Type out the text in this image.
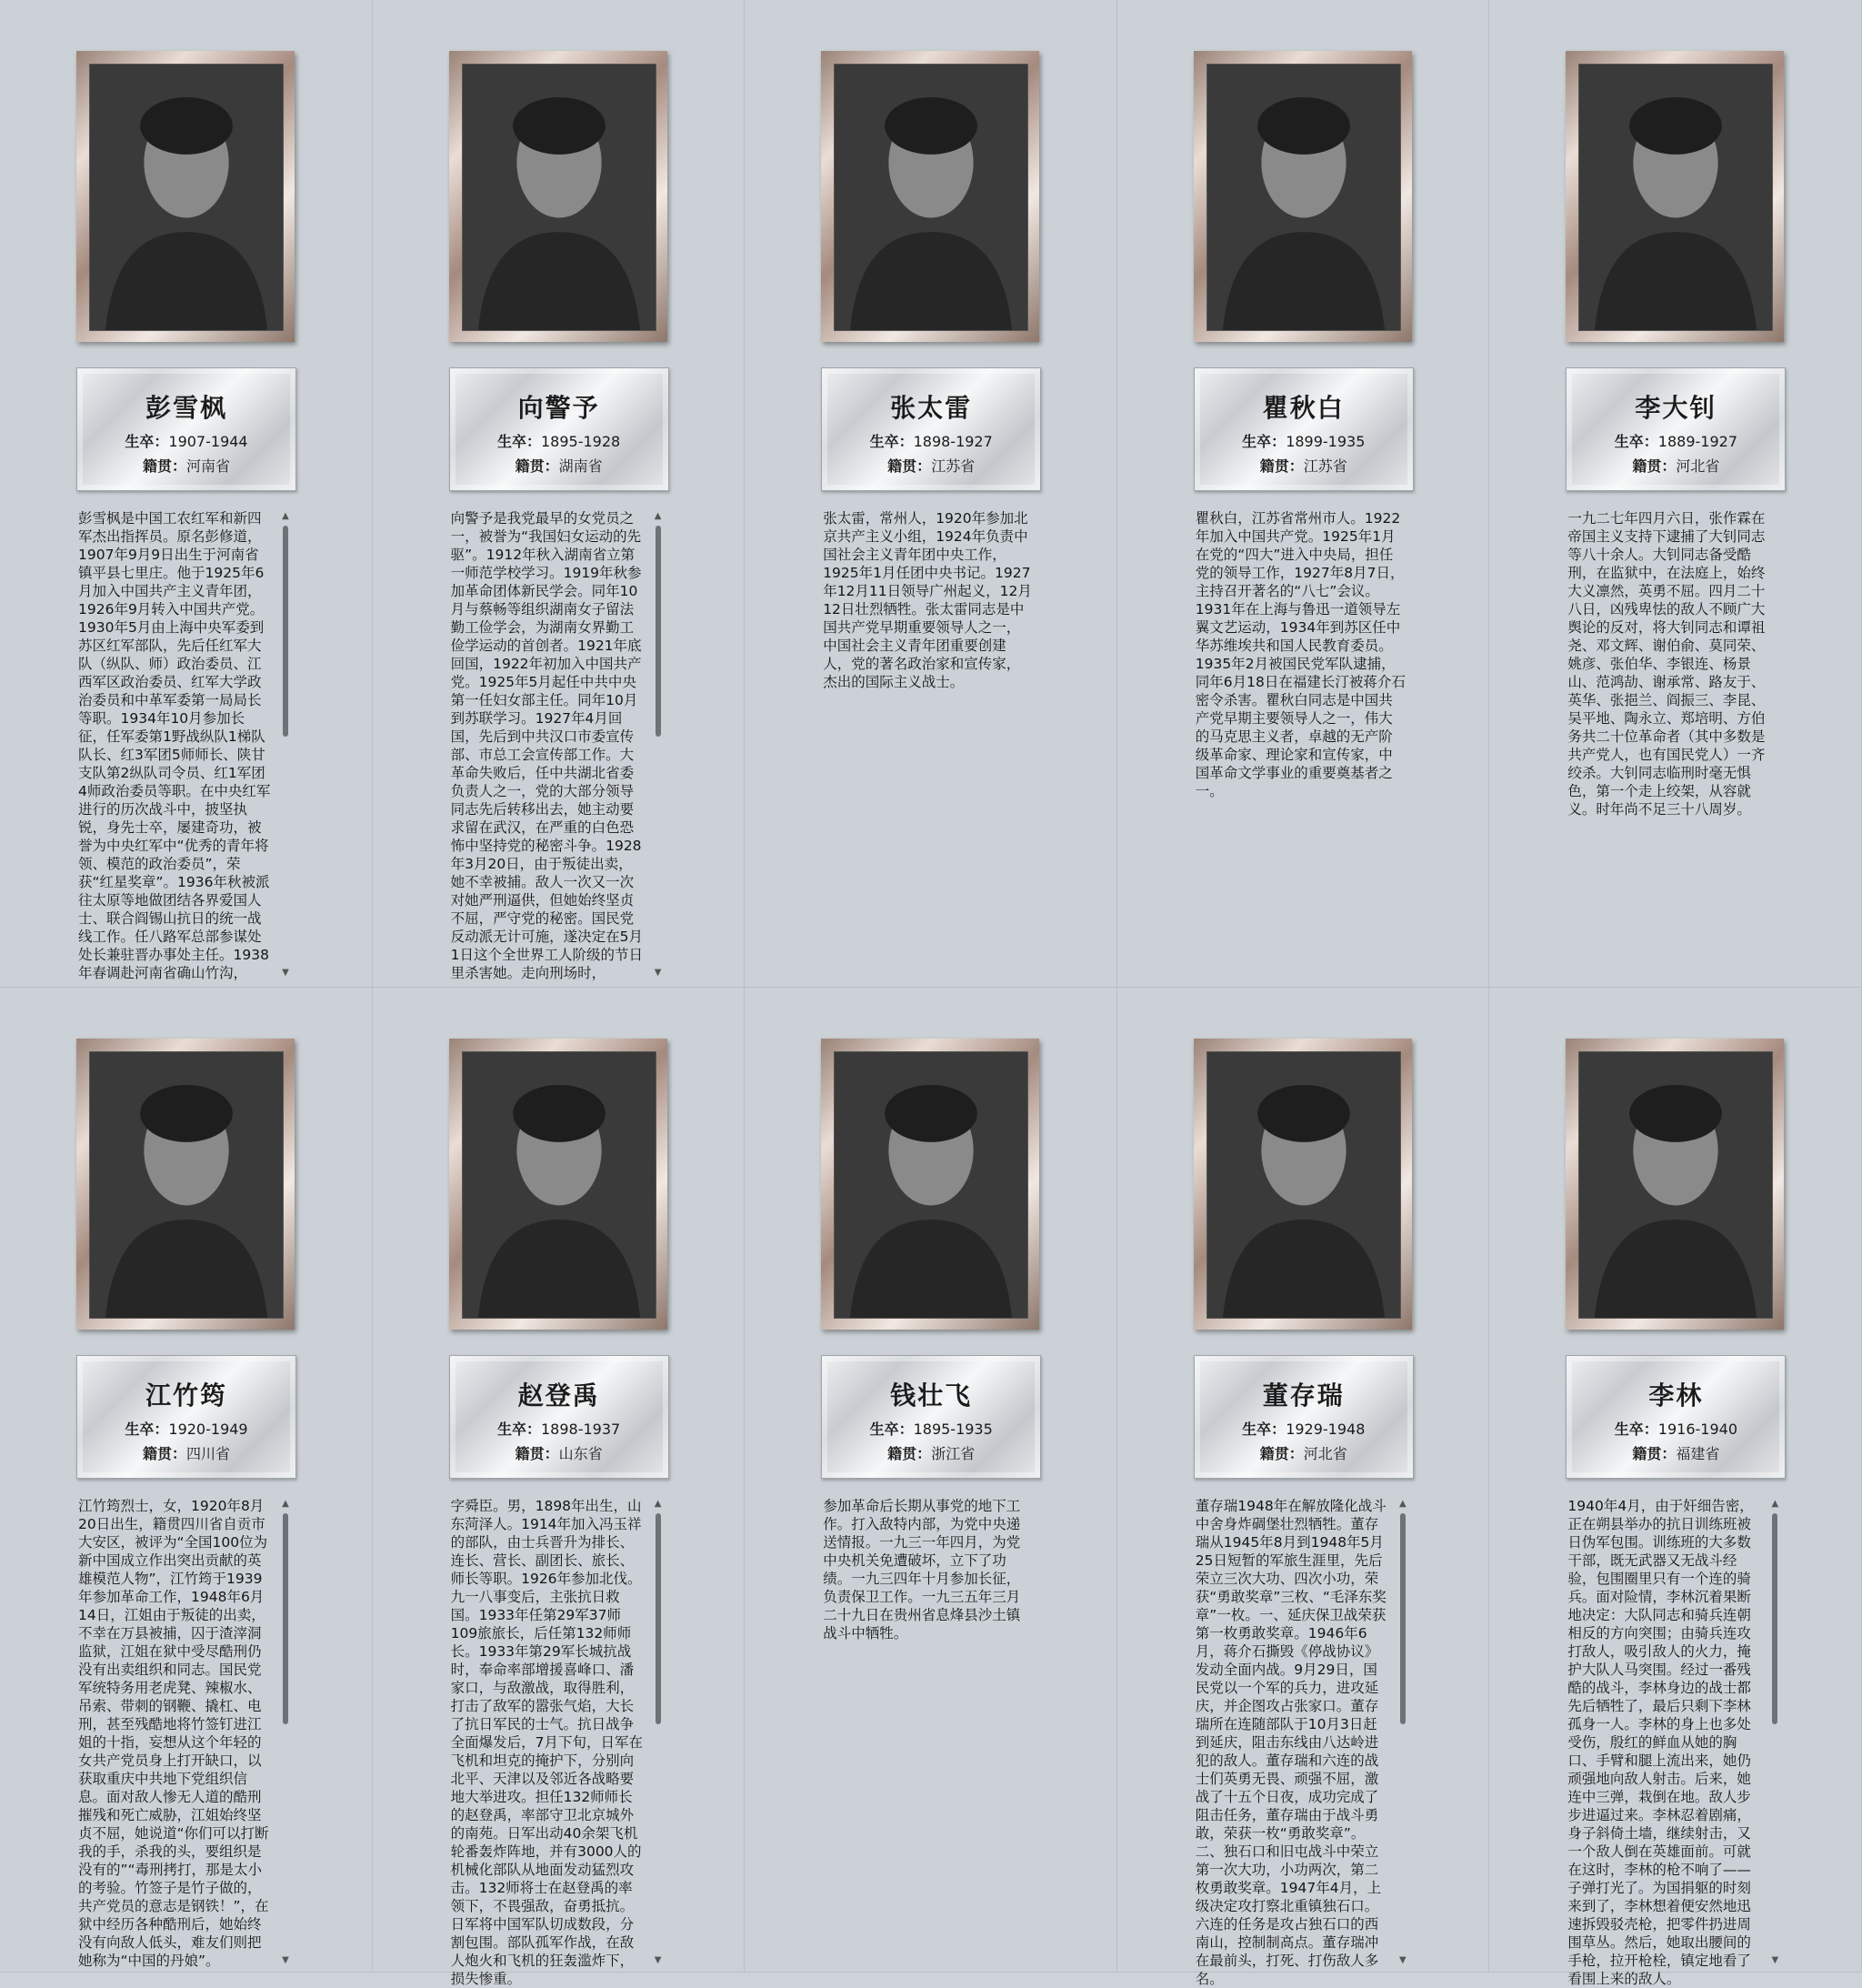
彭雪枫
生卒：1907-1944
籍贯：河南省
彭雪枫是中国工农红军和新四军杰出指挥员。原名彭修道，1907年9月9日出生于河南省镇平县七里庄。他于1925年6月加入中国共产主义青年团，1926年9月转入中国共产党。1930年5月由上海中央军委到苏区红军部队，先后任红军大队（纵队、师）政治委员、江西军区政治委员、红军大学政治委员和中革军委第一局局长等职。1934年10月参加长征，任军委第1野战纵队1梯队队长、红3军团5师师长、陕甘支队第2纵队司令员、红1军团4师政治委员等职。在中央红军进行的历次战斗中，披坚执锐，身先士卒，屡建奇功，被誉为中央红军中“优秀的青年将领、模范的政治委员”，荣获“红星奖章”。1936年秋被派往太原等地做团结各界爱国人士、联合阎锡山抗日的统一战线工作。任八路军总部参谋处处长兼驻晋办事处主任。1938年春调赴河南省确山竹沟，
▲
▼
向警予
生卒：1895-1928
籍贯：湖南省
向警予是我党最早的女党员之一，被誉为“我国妇女运动的先驱”。1912年秋入湖南省立第一师范学校学习。1919年秋参加革命团体新民学会。同年10月与蔡畅等组织湖南女子留法勤工俭学会，为湖南女界勤工俭学运动的首创者。1921年底回国，1922年初加入中国共产党。1925年5月起任中共中央第一任妇女部主任。同年10月到苏联学习。1927年4月回国，先后到中共汉口市委宣传部、市总工会宣传部工作。大革命失败后，任中共湖北省委负责人之一，党的大部分领导同志先后转移出去，她主动要求留在武汉，在严重的白色恐怖中坚持党的秘密斗争。1928年3月20日，由于叛徒出卖，她不幸被捕。敌人一次又一次对她严刑逼供，但她始终坚贞不屈，严守党的秘密。国民党反动派无计可施，遂决定在5月1日这个全世界工人阶级的节日里杀害她。走向刑场时，
▲
▼
张太雷
生卒：1898-1927
籍贯：江苏省
张太雷，常州人，1920年参加北京共产主义小组，1924年负责中国社会主义青年团中央工作，1925年1月任团中央书记。1927年12月11日领导广州起义，12月12日壮烈牺牲。张太雷同志是中国共产党早期重要领导人之一，中国社会主义青年团重要创建人，党的著名政治家和宣传家，杰出的国际主义战士。
瞿秋白
生卒：1899-1935
籍贯：江苏省
瞿秋白，江苏省常州市人。1922年加入中国共产党。1925年1月在党的“四大”进入中央局，担任党的领导工作，1927年8月7日，主持召开著名的“八七”会议。1931年在上海与鲁迅一道领导左翼文艺运动，1934年到苏区任中华苏维埃共和国人民教育委员。1935年2月被国民党军队逮捕，同年6月18日在福建长汀被蒋介石密令杀害。瞿秋白同志是中国共产党早期主要领导人之一，伟大的马克思主义者，卓越的无产阶级革命家、理论家和宣传家，中国革命文学事业的重要奠基者之一。
李大钊
生卒：1889-1927
籍贯：河北省
一九二七年四月六日，张作霖在帝国主义支持下逮捕了大钊同志等八十余人。大钊同志备受酷刑，在监狱中，在法庭上，始终大义凛然，英勇不屈。四月二十八日，凶残卑怯的敌人不顾广大舆论的反对，将大钊同志和谭祖尧、邓文辉、谢伯俞、莫同荣、姚彦、张伯华、李银连、杨景山、范鸿劼、谢承常、路友于、英华、张挹兰、阎振三、李昆、吴平地、陶永立、郑培明、方伯务共二十位革命者（其中多数是共产党人，也有国民党人）一齐绞杀。大钊同志临刑时毫无惧色，第一个走上绞架，从容就义。时年尚不足三十八周岁。
江竹筠
生卒：1920-1949
籍贯：四川省
江竹筠烈士，女，1920年8月20日出生，籍贯四川省自贡市大安区，被评为“全国100位为新中国成立作出突出贡献的英雄模范人物”，江竹筠于1939年参加革命工作，1948年6月14日，江姐由于叛徒的出卖，不幸在万县被捕，囚于渣滓洞监狱，江姐在狱中受尽酷刑仍没有出卖组织和同志。国民党军统特务用老虎凳、辣椒水、吊索、带刺的钢鞭、撬杠、电刑，甚至残酷地将竹签钉进江姐的十指，妄想从这个年轻的女共产党员身上打开缺口，以获取重庆中共地下党组织信息。面对敌人惨无人道的酷刑摧残和死亡威胁，江姐始终坚贞不屈，她说道“你们可以打断我的手，杀我的头，要组织是没有的”“毒刑拷打，那是太小的考验。竹签子是竹子做的，共产党员的意志是钢铁！”，在狱中经历各种酷刑后，她始终没有向敌人低头，难友们则把她称为“中国的丹娘”。
▲
▼
赵登禹
生卒：1898-1937
籍贯：山东省
字舜臣。男，1898年出生，山东菏泽人。1914年加入冯玉祥的部队，由士兵晋升为排长、连长、营长、副团长、旅长、师长等职。1926年参加北伐。九一八事变后，主张抗日救国。1933年任第29军37师109旅旅长，后任第132师师长。1933年第29军长城抗战时，奉命率部增援喜峰口、潘家口，与敌激战，取得胜利，打击了敌军的嚣张气焰，大长了抗日军民的士气。抗日战争全面爆发后，7月下旬，日军在飞机和坦克的掩护下，分别向北平、天津以及邻近各战略要地大举进攻。担任132师师长的赵登禹，率部守卫北京城外的南苑。日军出动40余架飞机轮番轰炸阵地，并有3000人的机械化部队从地面发动猛烈攻击。132师将士在赵登禹的率领下，不畏强敌，奋勇抵抗。日军将中国军队切成数段，分割包围。部队孤军作战，在敌人炮火和飞机的狂轰滥炸下，损失惨重。
▲
▼
钱壮飞
生卒：1895-1935
籍贯：浙江省
参加革命后长期从事党的地下工作。打入敌特内部，为党中央递送情报。一九三一年四月，为党中央机关免遭破坏，立下了功绩。一九三四年十月参加长征，负责保卫工作。一九三五年三月二十九日在贵州省息烽县沙土镇战斗中牺牲。
董存瑞
生卒：1929-1948
籍贯：河北省
董存瑞1948年在解放隆化战斗中舍身炸碉堡壮烈牺牲。董存瑞从1945年8月到1948年5月25日短暂的军旅生涯里，先后荣立三次大功、四次小功，荣获“勇敢奖章”三枚、“毛泽东奖章”一枚。一、延庆保卫战荣获第一枚勇敢奖章。1946年6月，蒋介石撕毁《停战协议》发动全面内战。9月29日，国民党以一个军的兵力，进攻延庆，并企图攻占张家口。董存瑞所在连随部队于10月3日赶到延庆，阻击东线由八达岭进犯的敌人。董存瑞和六连的战士们英勇无畏、顽强不屈，激战了十五个日夜，成功完成了阻击任务，董存瑞由于战斗勇敢，荣获一枚“勇敢奖章”。二、独石口和旧屯战斗中荣立第一次大功，小功两次，第二枚勇敢奖章。1947年4月，上级决定攻打察北重镇独石口。六连的任务是攻占独石口的西南山，控制制高点。董存瑞冲在最前头，打死、打伤敌人多名。
▲
▼
李林
生卒：1916-1940
籍贯：福建省
1940年4月，由于奸细告密，正在朔县举办的抗日训练班被日伪军包围。训练班的大多数干部，既无武器又无战斗经验，包围圈里只有一个连的骑兵。面对险情，李林沉着果断地决定：大队同志和骑兵连朝相反的方向突围；由骑兵连攻打敌人，吸引敌人的火力，掩护大队人马突围。经过一番残酷的战斗，李林身边的战士都先后牺牲了，最后只剩下李林孤身一人。李林的身上也多处受伤，殷红的鲜血从她的胸口、手臂和腿上流出来，她仍顽强地向敌人射击。后来，她连中三弹，栽倒在地。敌人步步进逼过来。李林忍着剧痛，身子斜倚土墙，继续射击，又一个敌人倒在英雄面前。可就在这时，李林的枪不响了——子弹打光了。为国捐躯的时刻来到了，李林想着便安然地迅速拆毁驳壳枪，把零件扔进周围草丛。然后，她取出腰间的手枪，拉开枪栓，镇定地看了看围上来的敌人。
▲
▼
